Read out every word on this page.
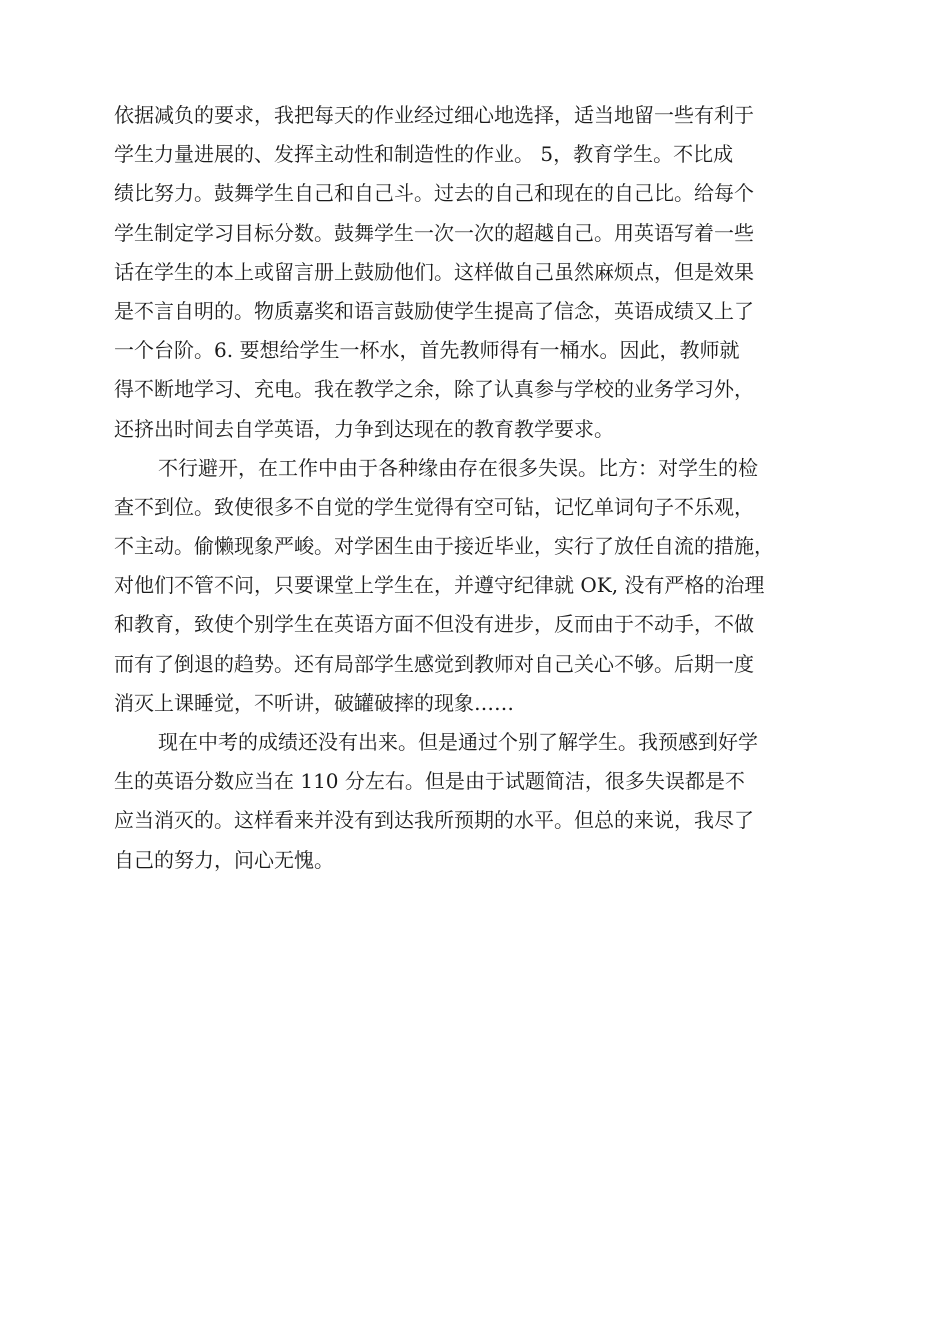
依据减负的要求，我把每天的作业经过细心地选择，适当地留一些有利于
学生力量进展的、发挥主动性和制造性的作业。 5，教育学生。不比成
绩比努力。鼓舞学生自己和自己斗。过去的自己和现在的自己比。给每个
学生制定学习目标分数。鼓舞学生一次一次的超越自己。用英语写着一些
话在学生的本上或留言册上鼓励他们。这样做自己虽然麻烦点，但是效果
是不言自明的。物质嘉奖和语言鼓励使学生提高了信念，英语成绩又上了
一个台阶。6. 要想给学生一杯水，首先教师得有一桶水。因此，教师就
得不断地学习、充电。我在教学之余，除了认真参与学校的业务学习外，
还挤出时间去自学英语，力争到达现在的教育教学要求。
不行避开，在工作中由于各种缘由存在很多失误。比方：对学生的检
查不到位。致使很多不自觉的学生觉得有空可钻，记忆单词句子不乐观，
不主动。偷懒现象严峻。对学困生由于接近毕业，实行了放任自流的措施，
对他们不管不问，只要课堂上学生在，并遵守纪律就 OK, 没有严格的治理
和教育，致使个别学生在英语方面不但没有进步，反而由于不动手，不做
而有了倒退的趋势。还有局部学生感觉到教师对自己关心不够。后期一度
消灭上课睡觉，不听讲，破罐破摔的现象……
现在中考的成绩还没有出来。但是通过个别了解学生。我预感到好学
生的英语分数应当在 110 分左右。但是由于试题简洁，很多失误都是不
应当消灭的。这样看来并没有到达我所预期的水平。但总的来说，我尽了
自己的努力，问心无愧。
